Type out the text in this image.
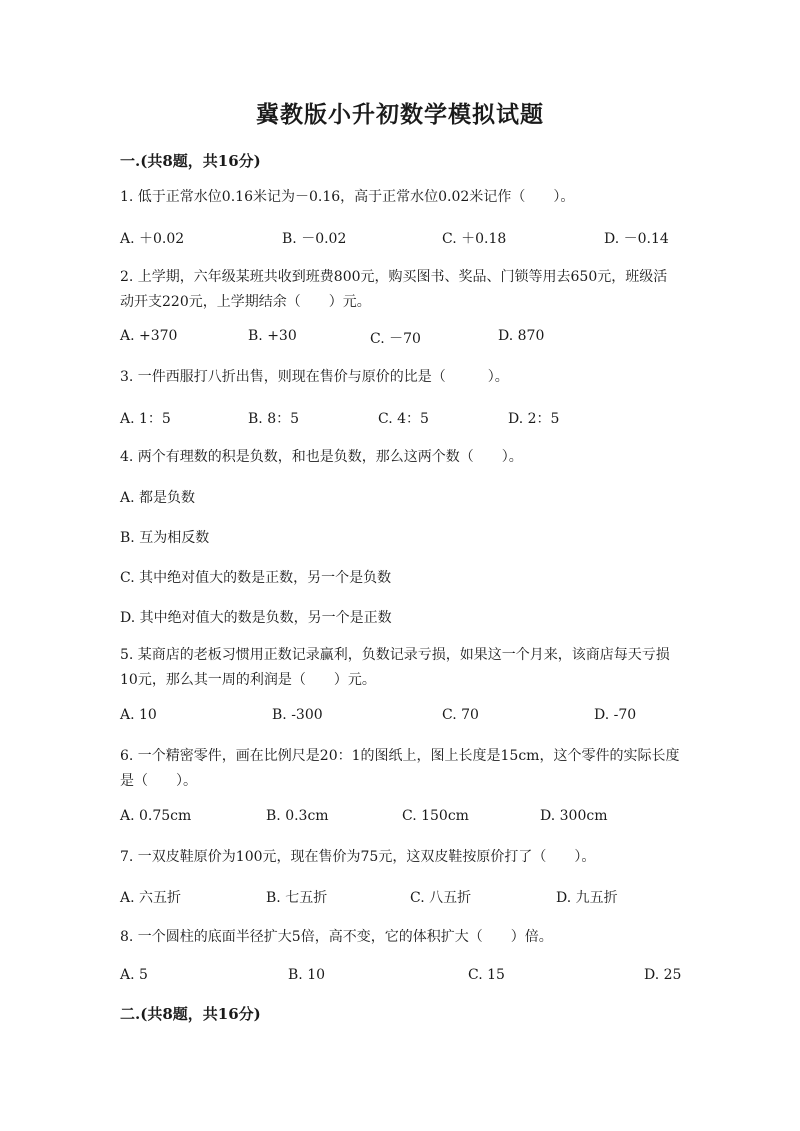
冀教版小升初数学模拟试题
一.(共8题，共16分)
1. 低于正常水位0.16米记为－0.16，高于正常水位0.02米记作（　　）。
A. ＋0.02	B. －0.02	C. ＋0.18	D. －0.14
2. 上学期，六年级某班共收到班费800元，购买图书、奖品、门锁等用去650元，班级活动开支220元，上学期结余（　　）元。
A. +370	B. +30	C. －70	D. 870
3. 一件西服打八折出售，则现在售价与原价的比是（　　　）。
A. 1：5	B. 8：5	C. 4：5	D. 2：5
4. 两个有理数的积是负数，和也是负数，那么这两个数（　　）。
A. 都是负数
B. 互为相反数
C. 其中绝对值大的数是正数，另一个是负数
D. 其中绝对值大的数是负数，另一个是正数
5. 某商店的老板习惯用正数记录赢利，负数记录亏损，如果这一个月来，该商店每天亏损10元，那么其一周的利润是（　　）元。
A. 10	B. -300	C. 70	D. -70
6. 一个精密零件，画在比例尺是20：1的图纸上，图上长度是15cm，这个零件的实际长度是（　　）。
A. 0.75cm	B. 0.3cm	C. 150cm	D. 300cm
7. 一双皮鞋原价为100元，现在售价为75元，这双皮鞋按原价打了（　　）。
A. 六五折	B. 七五折	C. 八五折	D. 九五折
8. 一个圆柱的底面半径扩大5倍，高不变，它的体积扩大（　　）倍。
A. 5	B. 10	C. 15	D. 25
二.(共8题，共16分)
